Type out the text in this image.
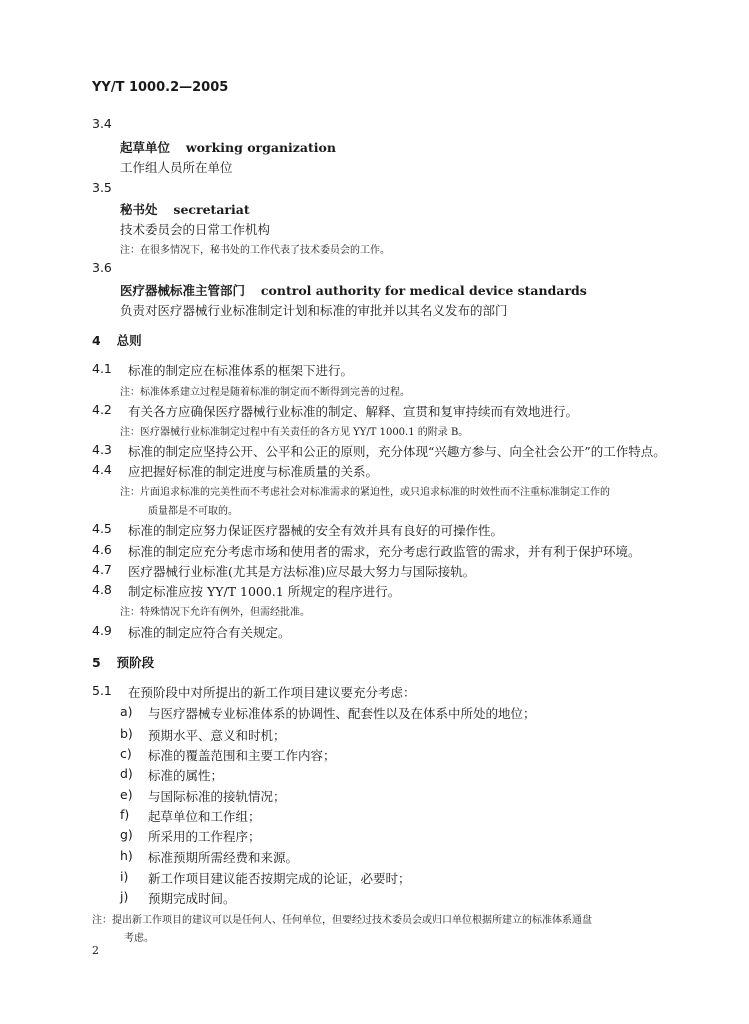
YY/T 1000.2—2005
3.4
起草单位 working organization
工作组人员所在单位
3.5
秘书处 secretariat
技术委员会的日常工作机构
注：在很多情况下，秘书处的工作代表了技术委员会的工作。
3.6
医疗器械标准主管部门 control authority for medical device standards
负责对医疗器械行业标准制定计划和标准的审批并以其名义发布的部门
4 总则
4.1 标准的制定应在标准体系的框架下进行。
注：标准体系建立过程是随着标准的制定而不断得到完善的过程。
4.2 有关各方应确保医疗器械行业标准的制定、解释、宣贯和复审持续而有效地进行。
注：医疗器械行业标准制定过程中有关责任的各方见 YY/T 1000.1 的附录 B。
4.3 标准的制定应坚持公开、公平和公正的原则，充分体现“兴趣方参与、向全社会公开”的工作特点。
4.4 应把握好标准的制定进度与标准质量的关系。
注：片面追求标准的完美性而不考虑社会对标准需求的紧迫性，或只追求标准的时效性而不注重标准制定工作的
质量都是不可取的。
4.5 标准的制定应努力保证医疗器械的安全有效并具有良好的可操作性。
4.6 标准的制定应充分考虑市场和使用者的需求，充分考虑行政监管的需求，并有利于保护环境。
4.7 医疗器械行业标准(尤其是方法标准)应尽最大努力与国际接轨。
4.8 制定标准应按 YY/T 1000.1 所规定的程序进行。
注：特殊情况下允许有例外，但需经批准。
4.9 标准的制定应符合有关规定。
5 预阶段
5.1 在预阶段中对所提出的新工作项目建议要充分考虑：
a) 与医疗器械专业标准体系的协调性、配套性以及在体系中所处的地位；
b) 预期水平、意义和时机；
c) 标准的覆盖范围和主要工作内容；
d) 标准的属性；
e) 与国际标准的接轨情况；
f) 起草单位和工作组；
g) 所采用的工作程序；
h) 标准预期所需经费和来源。
i) 新工作项目建议能否按期完成的论证，必要时；
j) 预期完成时间。
注：提出新工作项目的建议可以是任何人、任何单位，但要经过技术委员会或归口单位根据所建立的标准体系通盘
考虑。
2
